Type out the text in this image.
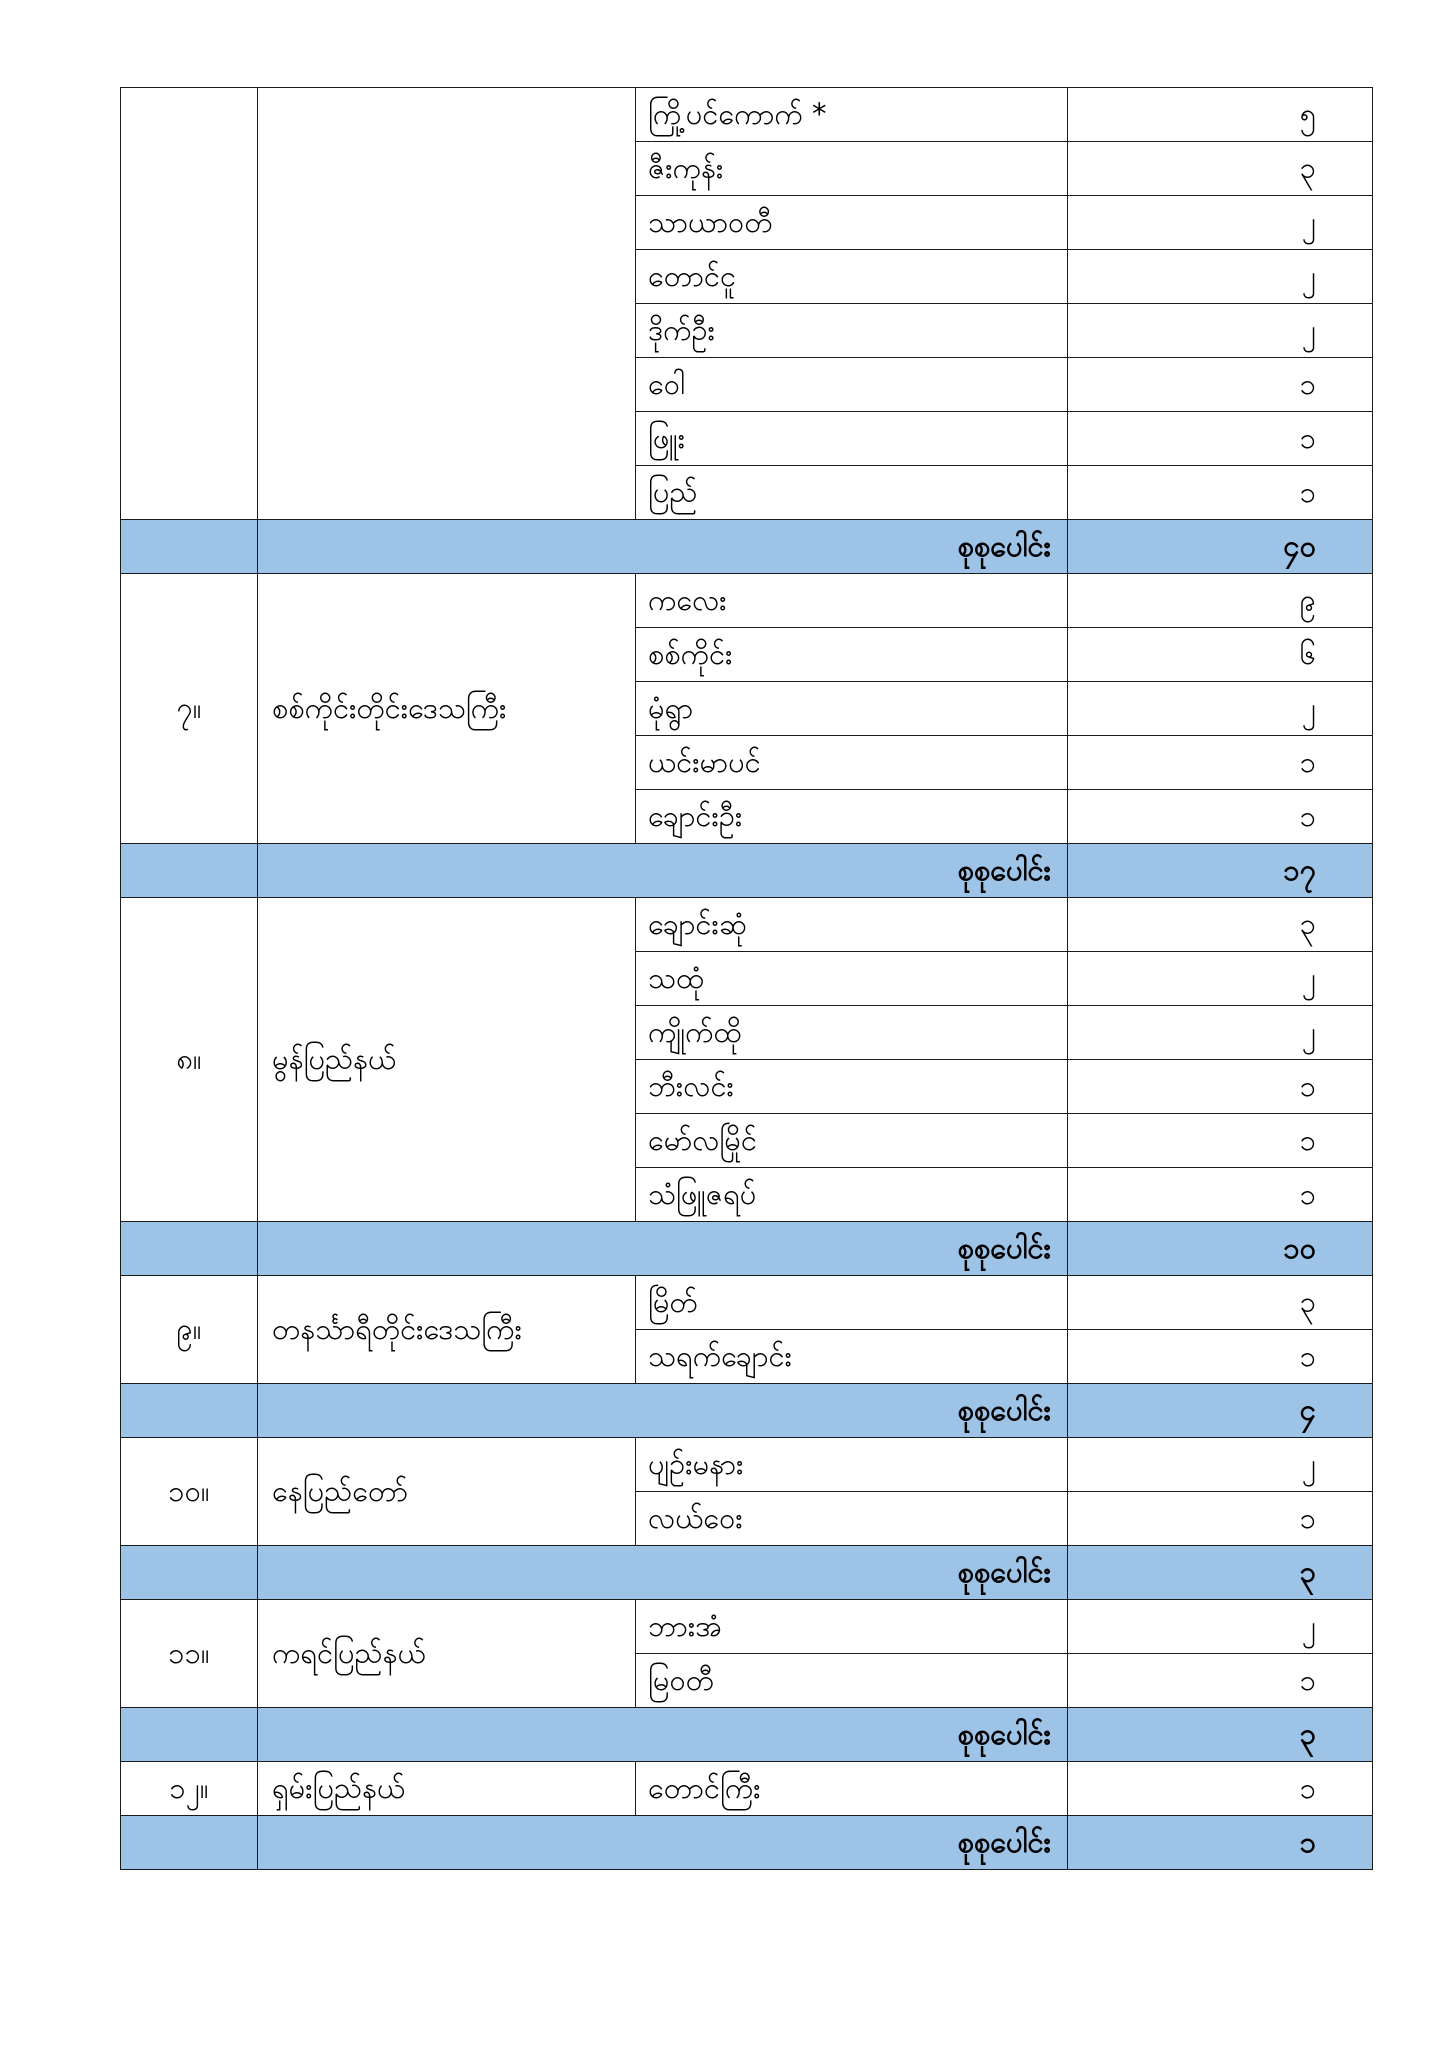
		ကြို့ပင်ကောက် *	၅
		ဇီးကုန်း	၃
		သာယာဝတီ	၂
		တောင်ငူ	၂
		ဒိုက်ဦး	၂
		ဝေါ	၁
		ဖြူး	၁
		ပြည်	၁
	စုစုပေါင်း		၄၀
၇။	စစ်ကိုင်းတိုင်းဒေသကြီး	ကလေး	၉
		စစ်ကိုင်း	၆
		မုံရွာ	၂
		ယင်းမာပင်	၁
		ချောင်းဦး	၁
	စုစုပေါင်း		၁၇
၈။	မွန်ပြည်နယ်	ချောင်းဆုံ	၃
		သထုံ	၂
		ကျိုက်ထို	၂
		ဘီးလင်း	၁
		မော်လမြိုင်	၁
		သံဖြူဇရပ်	၁
	စုစုပေါင်း		၁၀
၉။	တနင်္သာရီတိုင်းဒေသကြီး	မြိတ်	၃
		သရက်ချောင်း	၁
	စုစုပေါင်း		၄
၁၀။	နေပြည်တော်	ပျဉ်းမနား	၂
		လယ်ဝေး	၁
	စုစုပေါင်း		၃
၁၁။	ကရင်ပြည်နယ်	ဘားအံ	၂
		မြဝတီ	၁
	စုစုပေါင်း		၃
၁၂။	ရှမ်းပြည်နယ်	တောင်ကြီး	၁
	စုစုပေါင်း		၁
